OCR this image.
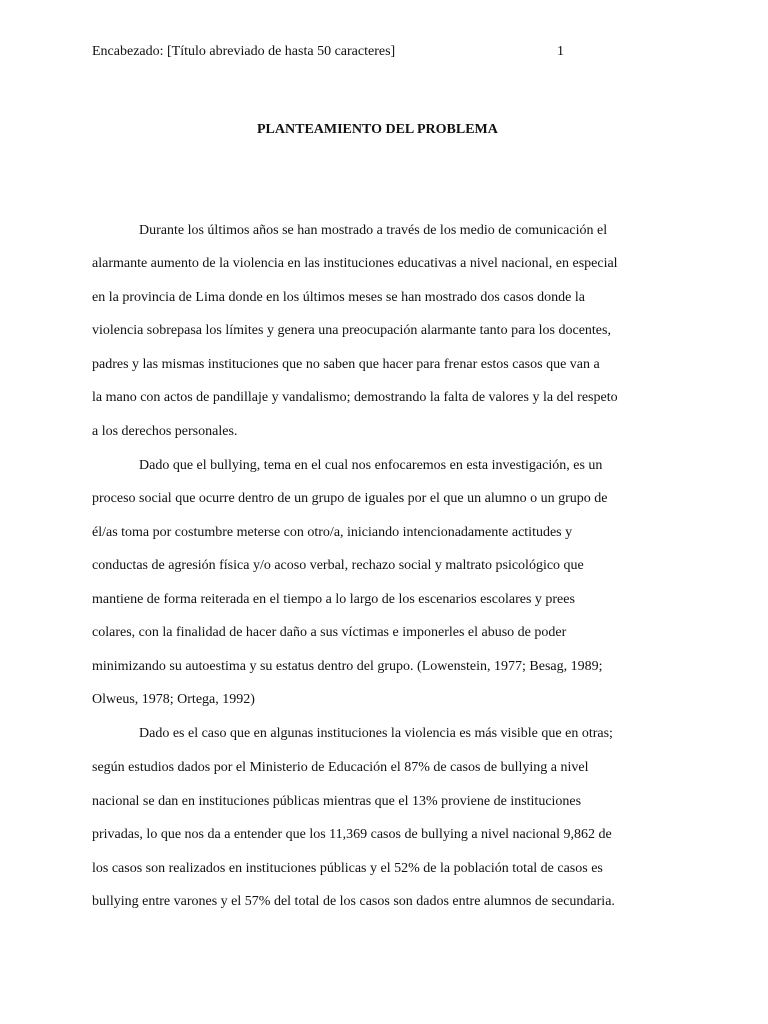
Encabezado: [Título abreviado de hasta 50 caracteres]	1
PLANTEAMIENTO DEL PROBLEMA
Durante los últimos años se han mostrado a través de los medio de comunicación el
alarmante aumento de la violencia en las instituciones educativas a nivel nacional, en especial
en la provincia de Lima donde en los últimos meses se han mostrado dos casos donde la
violencia sobrepasa los límites y genera una preocupación alarmante tanto para los docentes,
padres y las mismas instituciones que no saben que hacer para frenar estos casos que van a
la mano con actos de pandillaje y vandalismo; demostrando la falta de valores y la del respeto
a los derechos personales.
Dado que el bullying, tema en el cual nos enfocaremos en esta investigación, es un
proceso social que ocurre dentro de un grupo de iguales por el que un alumno o un grupo de
él/as toma por costumbre meterse con otro/a, iniciando intencionadamente actitudes y
conductas de agresión física y/o acoso verbal, rechazo social y maltrato psicológico que
mantiene de forma reiterada en el tiempo a lo largo de los escenarios escolares y prees
colares, con la finalidad de hacer daño a sus víctimas e imponerles el abuso de poder
minimizando su autoestima y su estatus dentro del grupo. (Lowenstein, 1977; Besag, 1989;
Olweus, 1978; Ortega, 1992)
Dado es el caso que en algunas instituciones la violencia es más visible que en otras;
según estudios dados por el Ministerio de Educación el 87% de casos de bullying a nivel
nacional se dan en instituciones públicas mientras que el 13% proviene de instituciones
privadas, lo que nos da a entender que los 11,369 casos de bullying a nivel nacional 9,862 de
los casos son realizados en instituciones públicas y el 52% de la población total de casos es
bullying entre varones y el 57% del total de los casos son dados entre alumnos de secundaria.
